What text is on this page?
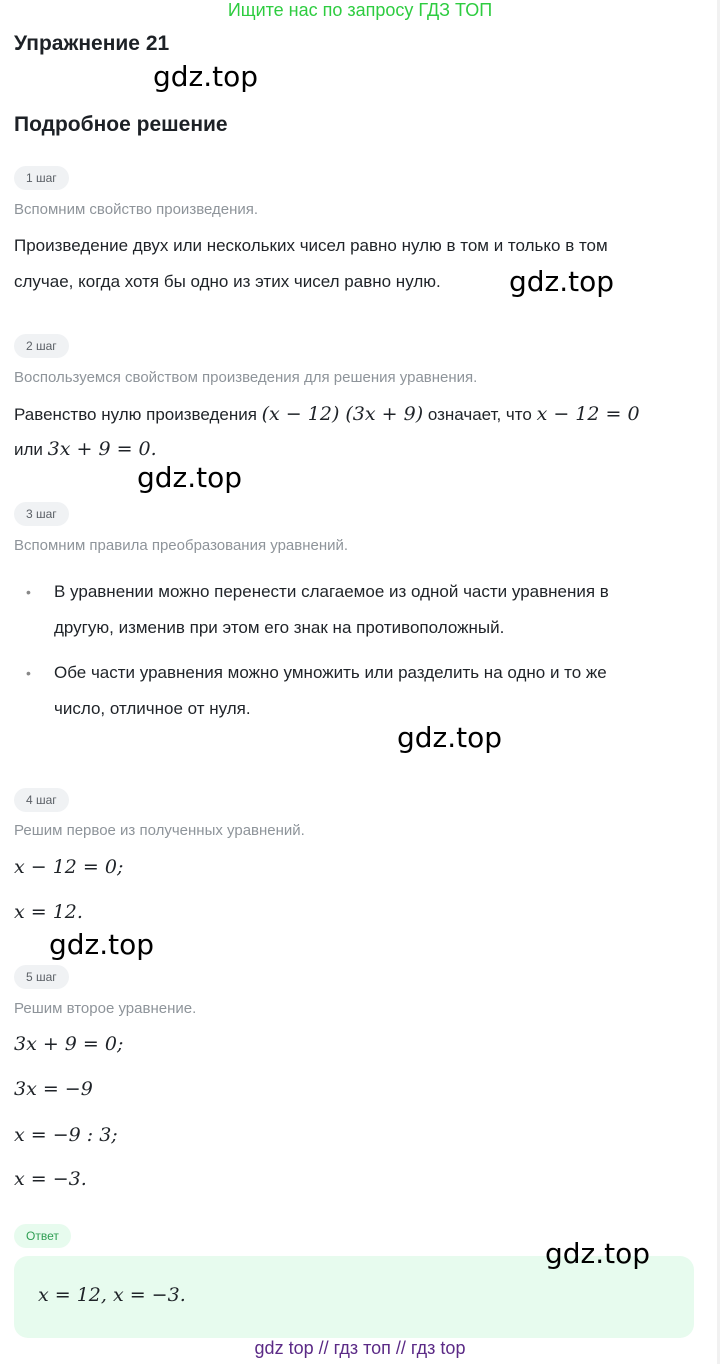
Ищите нас по запросу ГДЗ ТОП
Упражнение 21
gdz.top
Подробное решение
1 шаг
Вспомним свойство произведения.
Произведение двух или нескольких чисел равно нулю в том и только в том
случае, когда хотя бы одно из этих чисел равно нулю. gdz.top
2 шаг
Воспользуемся свойством произведения для решения уравнения.
Равенство нулю произведения (x − 12) (3x + 9) означает, что x − 12 = 0
или 3x + 9 = 0.
gdz.top
3 шаг
Вспомним правила преобразования уравнений.
• В уравнении можно перенести слагаемое из одной части уравнения в
другую, изменив при этом его знак на противоположный.
• Обе части уравнения можно умножить или разделить на одно и то же
число, отличное от нуля.
gdz.top
4 шаг
Решим первое из полученных уравнений.
x − 12 = 0;
x = 12.
gdz.top
5 шаг
Решим второе уравнение.
3x + 9 = 0;
3x = −9
x = −9 : 3;
x = −3.
Ответ
x = 12, x = −3.
gdz.top
gdz top // гдз топ // гдз top
